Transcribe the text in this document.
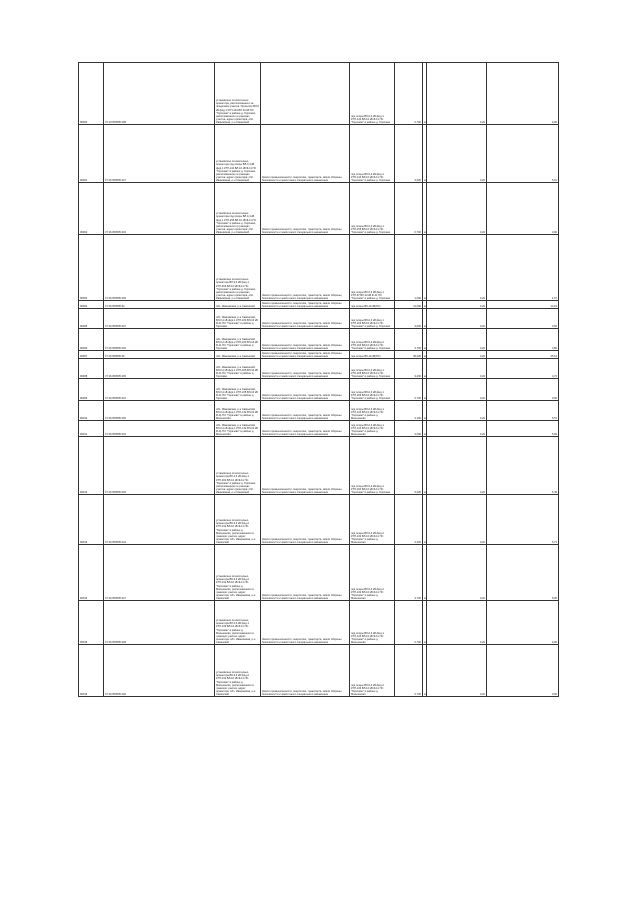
90000	37:10:050505:208	установлено относительно ориентира, расположенного за пределами участка. Ориентир ВЛ-6 кВ фид.1 КТП-144 ВЛ-10 кВ ПС "Горячево" в районе д. Горячево, расположенного в границах участка. адрес ориентира: обл. Ивановская, р-н Савинский		под опоры ВЛ-0,4 кВ фид.1 КТП-144 ВЛ-10 кВ Ф-11 ПС "Горячево" в районе д. Горячево	0,700	м	0,20	0,90
90001	37:16:050505:247	установлено относительно ориентира под опоры ВЛ-0,4 кВ фид.1 КТП-144 ВЛ-10 кВ Ф-11 ПС "Горячево" в районе д. Горячево, расположенного в границах участка. адрес ориентира: обл. Ивановская, р-н Савинский	Земли промышленности, энергетики, транспорта, земли обороны, безопасности и земли иного специального назначения	под опоры ВЛ-0,4 кВ фид.1 КТП-144 ВЛ-10 кВ Ф-11 ПС "Горячево" в районе д. Горячево	3,600	м	0,20	5,01
90002	37:16:050505:203	установлено относительно ориентира под опоры ВЛ-0,4 кВ фид.1 КТП-155 ВЛ-10 кВ Ф-11 ПС "Горячево" в районе д. Горячево, расположенного в границах участка. адрес ориентира: обл. Ивановская, р-н Савинский	Земли промышленности, энергетики, транспорта, земли обороны, безопасности и земли иного специального назначения	под опоры ВЛ-0,4 кВ фид.1 КТП-155 ВЛ-10 кВ Ф-11 ПС "Горячево" в районе д. Горячево	0,700	м	0,20	0,90
90003	37:16:050505:209	установлено относительно ориентира ВЛ-0,4 кВ фид.1 КТП-163 ВЛ-10 кВ Ф-11 ПС "Горячево" в районе д. Горячево, расположенного в границах участка. адрес ориентира: обл. Ивановская, р-н Савинский	Земли промышленности, энергетики, транспорта, земли обороны, безопасности и земли иного специального назначения	под опоры ВЛ-0,4 кВ фид.1 КТП-67 ВЛ-10 кВ Ф-11 ПС "Горячево" в районе д. Горячево	1,000	м	0,20	1,57
90004	37:16:050505:33	обл. Ивановская, р-н Савинский	Земли промышленности, энергетики, транспорта, земли обороны, безопасности и земли иного специального назначения	под опоры ВЛ-10 кВ(ПС)	11,000	м	0,20	14,15
90005	37:16:050505:207	обл. Ивановская, р-н Савинский, ВЛ-0,4 кВ фид.1 КТП-163 ВЛ-10 кВ Ф-11 ПС "Горячево" в районе д. Горячево	Земли промышленности, энергетики, транспорта, земли обороны, безопасности и земли иного специального назначения	под опоры ВЛ-0,4 кВ фид.1 КТП-163 ВЛ-10 кВ Ф-11 ПС "Горячево" в районе д. Горячево	3,000	м	0,20	4,50
90006	37:16:050505:202	обл. Ивановская, р-н Савинский, ВЛ-0,4 кВ фид.2 КТП-163 ВЛ-10 кВ Ф-11 ПС "Горячево" в районе д. Горячево	Земли промышленности, энергетики, транспорта, земли обороны, безопасности и земли иного специального назначения	под опоры ВЛ-0,4 кВ фид.2 КТП-163 ВЛ-10 кВ Ф-11 ПС "Горячево" в районе д. Горячево	3,700	м	0,20	4,80
90007	37:16:050505:36	обл. Ивановская, р-н Савинский	Земли промышленности, энергетики, транспорта, земли обороны, безопасности и земли иного специального назначения	под опоры ВЛ-10 кВ(ПС)	35,000	м	0,20	45,16
90008	37:16:050505:205	обл. Ивановская, р-н Савинский, ВЛ-0,4 кВ фид.1 КТП-165 ВЛ-10 кВ Ф-11 ПС "Горячево" в районе д. Горячево	Земли промышленности, энергетики, транспорта, земли обороны, безопасности и земли иного специального назначения	под опоры ВЛ-0,4 кВ фид.1 КТП-165 ВЛ-10 кВ Ф-11 ПС "Горячево" в районе д. Горячево	3,400	м	0,20	4,70
90009	37:16:050505:201	обл. Ивановская, р-н Савинский, ВЛ-0,4 кВ фид.1 КТП-165 ВЛ-10 кВ Ф-11 ПС "Горячево" в районе д. Горячево	Земли промышленности, энергетики, транспорта, земли обороны, безопасности и земли иного специального назначения	под опоры ВЛ-0,4 кВ фид.1 КТП-165 ВЛ-10 кВ Ф-11 ПС "Горячево" в районе д. Горячево	0,700	м	0,20	0,90
90010	37:16:050505:240	обл. Ивановская, р-н Савинский, ВЛ-0,4 кВ фид.1 КТП-132 ВЛ-10 кВ Ф-11 ПС "Горячево" в районе д. Мальчиково	Земли промышленности, энергетики, транспорта, земли обороны, безопасности и земли иного специального назначения	под опоры ВЛ-0,4 кВ фид.1 КТП-132 ВЛ-10 кВ Ф-11 ПС "Горячево" в районе д. Мальчиково	4,100	м	0,20	5,57
90011	37:16:050505:243	обл. Ивановская, р-н Савинский, ВЛ-0,4 кВ фид.1 КТП-132 ВЛ-10 кВ Ф-11 ПС "Горячево" в районе д. Мальчиково	Земли промышленности, энергетики, транспорта, земли обороны, безопасности и земли иного специального назначения	под опоры ВЛ-0,4 кВ фид.1 КТП-132 ВЛ-10 кВ Ф-11 ПС "Горячево" в районе д. Мальчиково	4,000	м	0,20	5,00
90012	37:16:050505:245	установлено относительно ориентира ВЛ-0,4 кВ фид.1 КТП-160 ВЛ-10 кВ Ф-11 ПС "Горячево" в районе д. Горячево, расположенного в границах участка. адрес ориентира: обл. Ивановская, р-н Савинский	Земли промышленности, энергетики, транспорта, земли обороны, безопасности и земли иного специального назначения	под опоры ВЛ-0,4 кВ фид.1 КТП-160 ВЛ-10 кВ Ф-11 ПС "Горячево" в районе д. Горячево	5,000	м	0,20	6,45
90013	37:16:050505:244	установлено относительно ориентира ВЛ-0,4 кВ фид.2 КТП-132 ВЛ-10 кВ Ф-11 ПС "Горячево" в районе д. Мальчиково, расположенного в границах участка. адрес ориентира: обл. Ивановская, р-н Савинский	Земли промышленности, энергетики, транспорта, земли обороны, безопасности и земли иного специального назначения	под опоры ВЛ-0,4 кВ фид.2 КТП-132 ВЛ-10 кВ Ф-11 ПС "Горячево" в районе д. Мальчиково	4,400	м	0,20	5,71
90014	37:16:050505:247	установлено относительно ориентира ВЛ-0,4 кВ фид.2 КТП-132 ВЛ-10 кВ Ф-11 ПС "Горячево" в районе д. Мальчиково, расположенного в границах участка. адрес ориентира: обл. Ивановская, р-н Савинский	Земли промышленности, энергетики, транспорта, земли обороны, безопасности и земли иного специального назначения	под опоры ВЛ-0,4 кВ фид.2 КТП-132 ВЛ-10 кВ Ф-11 ПС "Горячево" в районе д. Мальчиково	3,700	м	0,20	5,00
90015	37:16:050505:248	установлено относительно ориентира ВЛ-0,4 кВ фид.1 КТП-133 ВЛ-10 кВ Ф-11 ПС "Горячево" в районе д. Мальчиково, расположенного в границах участка. адрес ориентира: обл. Ивановская, р-н Савинский	Земли промышленности, энергетики, транспорта, земли обороны, безопасности и земли иного специального назначения	под опоры ВЛ-0,4 кВ фид.1 КТП-133 ВЛ-10 кВ Ф-11 ПС "Горячево" в районе д. Мальчиково	0,700	м	0,20	0,90
90016	37:16:050505:246	установлено относительно ориентира ВЛ-0,4 кВ фид.2 КТП-133 ВЛ-10 кВ Ф-11 ПС "Горячево" в районе д. Мальчиково, расположенного в границах участка. адрес ориентира: обл. Ивановская, р-н Савинский	Земли промышленности, энергетики, транспорта, земли обороны, безопасности и земли иного специального назначения	под опоры ВЛ-0,4 кВ фид.2 КТП-133 ВЛ-10 кВ Ф-11 ПС "Горячево" в районе д. Мальчиково	0,700	м	0,20	0,90
